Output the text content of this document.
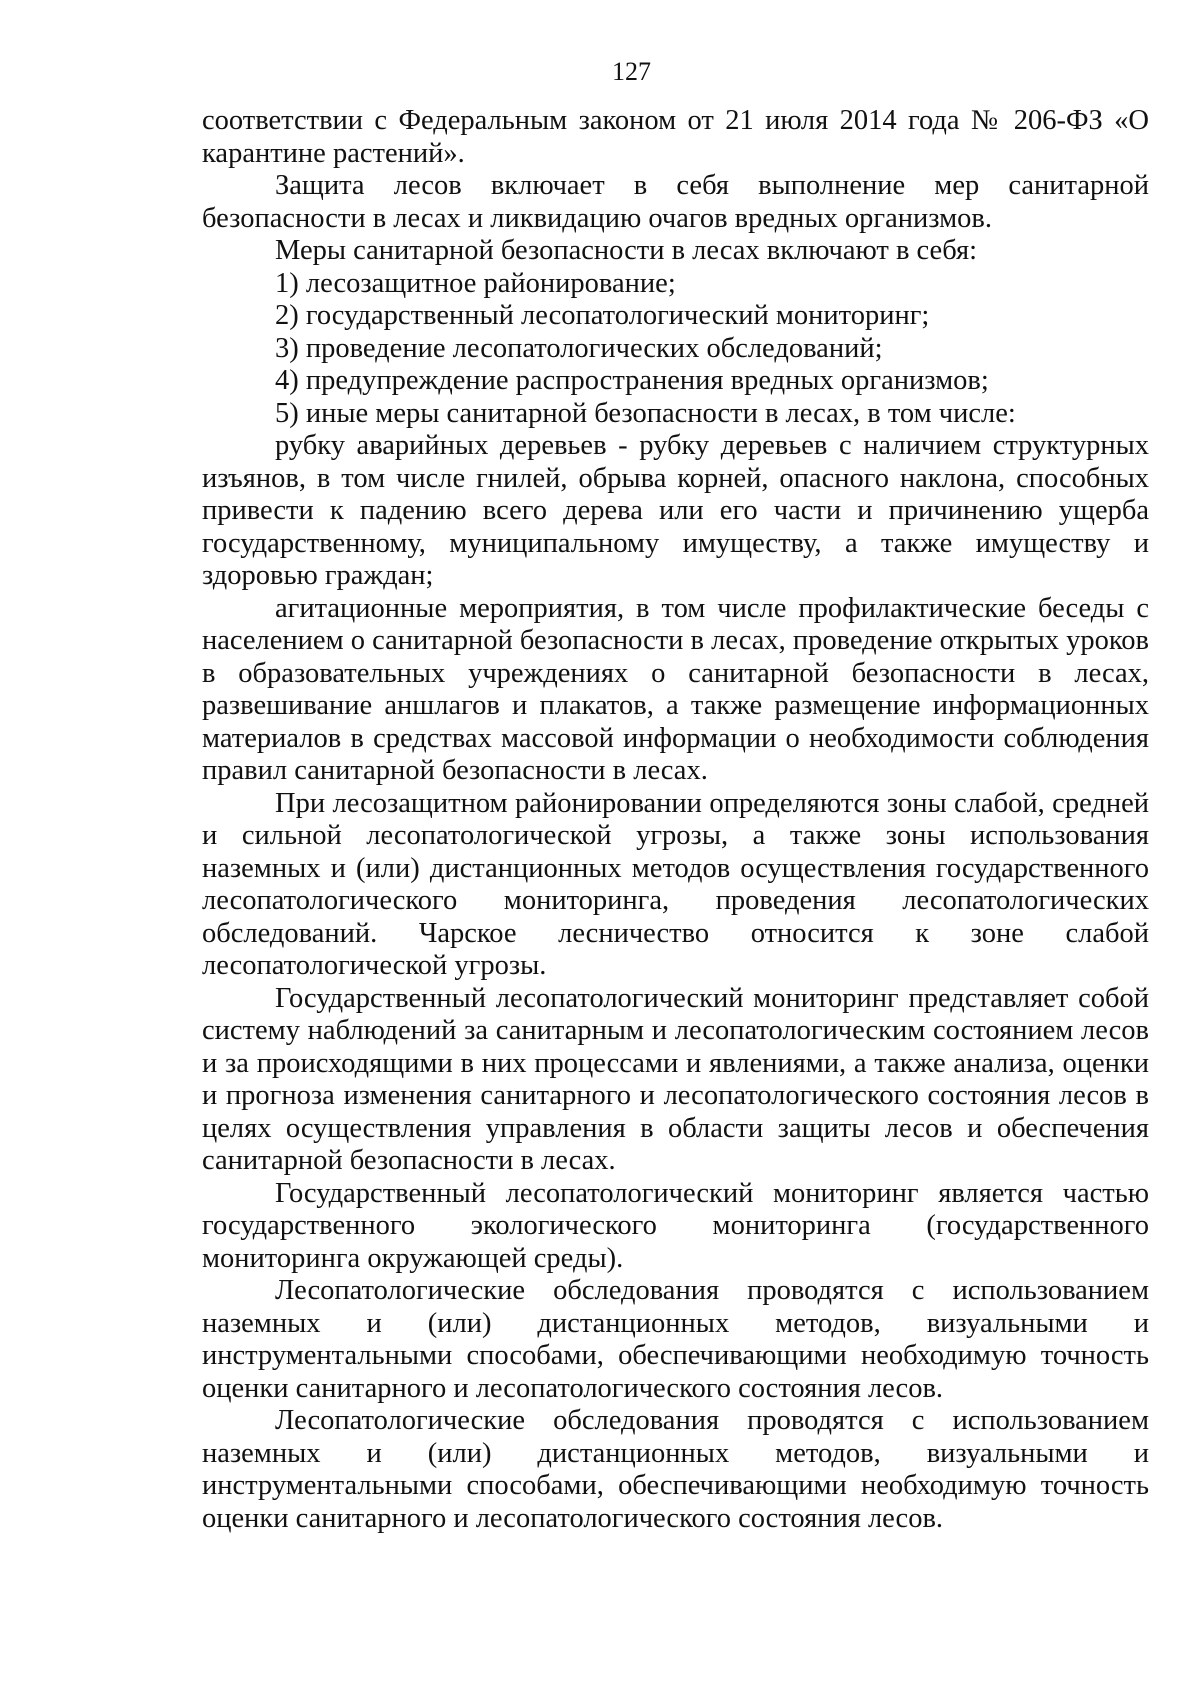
127

соответствии с Федеральным законом от 21 июля 2014 года № 206-ФЗ «О карантине растений».

Защита лесов включает в себя выполнение мер санитарной безопасности в лесах и ликвидацию очагов вредных организмов.

Меры санитарной безопасности в лесах включают в себя:

1) лесозащитное районирование;

2) государственный лесопатологический мониторинг;

3) проведение лесопатологических обследований;

4) предупреждение распространения вредных организмов;

5) иные меры санитарной безопасности в лесах, в том числе:

рубку аварийных деревьев - рубку деревьев с наличием структурных изъянов, в том числе гнилей, обрыва корней, опасного наклона, способных привести к падению всего дерева или его части и причинению ущерба государственному, муниципальному имуществу, а также имуществу и здоровью граждан;

агитационные мероприятия, в том числе профилактические беседы с населением о санитарной безопасности в лесах, проведение открытых уроков в образовательных учреждениях о санитарной безопасности в лесах, развешивание аншлагов и плакатов, а также размещение информационных материалов в средствах массовой информации о необходимости соблюдения правил санитарной безопасности в лесах.

При лесозащитном районировании определяются зоны слабой, средней и сильной лесопатологической угрозы, а также зоны использования наземных и (или) дистанционных методов осуществления государственного лесопатологического мониторинга, проведения лесопатологических обследований. Чарское лесничество относится к зоне слабой лесопатологической угрозы.

Государственный лесопатологический мониторинг представляет собой систему наблюдений за санитарным и лесопатологическим состоянием лесов и за происходящими в них процессами и явлениями, а также анализа, оценки и прогноза изменения санитарного и лесопатологического состояния лесов в целях осуществления управления в области защиты лесов и обеспечения санитарной безопасности в лесах.

Государственный лесопатологический мониторинг является частью государственного экологического мониторинга (государственного мониторинга окружающей среды).

Лесопатологические обследования проводятся с использованием наземных и (или) дистанционных методов, визуальными и инструментальными способами, обеспечивающими необходимую точность оценки санитарного и лесопатологического состояния лесов.

Лесопатологические обследования проводятся с использованием наземных и (или) дистанционных методов, визуальными и инструментальными способами, обеспечивающими необходимую точность оценки санитарного и лесопатологического состояния лесов.
